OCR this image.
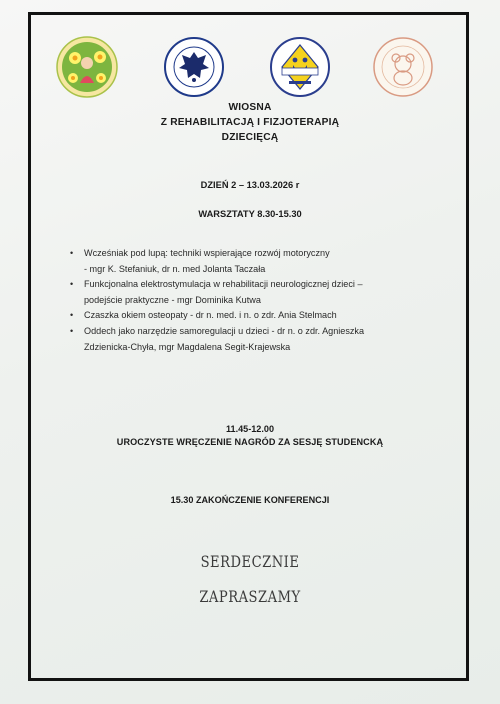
WIOSNA
Z REHABILITACJĄ I FIZJOTERAPIĄ
DZIECIĘCĄ
DZIEŃ 2 – 13.03.2026 r
WARSZTATY 8.30-15.30
• Wcześniak pod lupą: techniki wspierające rozwój motoryczny
- mgr K. Stefaniuk, dr n. med Jolanta Taczała
• Funkcjonalna elektrostymulacja w rehabilitacji neurologicznej dzieci –
podejście praktyczne - mgr Dominika Kutwa
• Czaszka okiem osteopaty - dr n. med. i n. o zdr. Ania Stelmach
• Oddech jako narzędzie samoregulacji u dzieci - dr n. o zdr. Agnieszka
Zdzienicka-Chyła, mgr Magdalena Segit-Krajewska
11.45-12.00
UROCZYSTE WRĘCZENIE NAGRÓD ZA SESJĘ STUDENCKĄ
15.30 ZAKOŃCZENIE KONFERENCJI
SERDECZNIE
ZAPRASZAMY
